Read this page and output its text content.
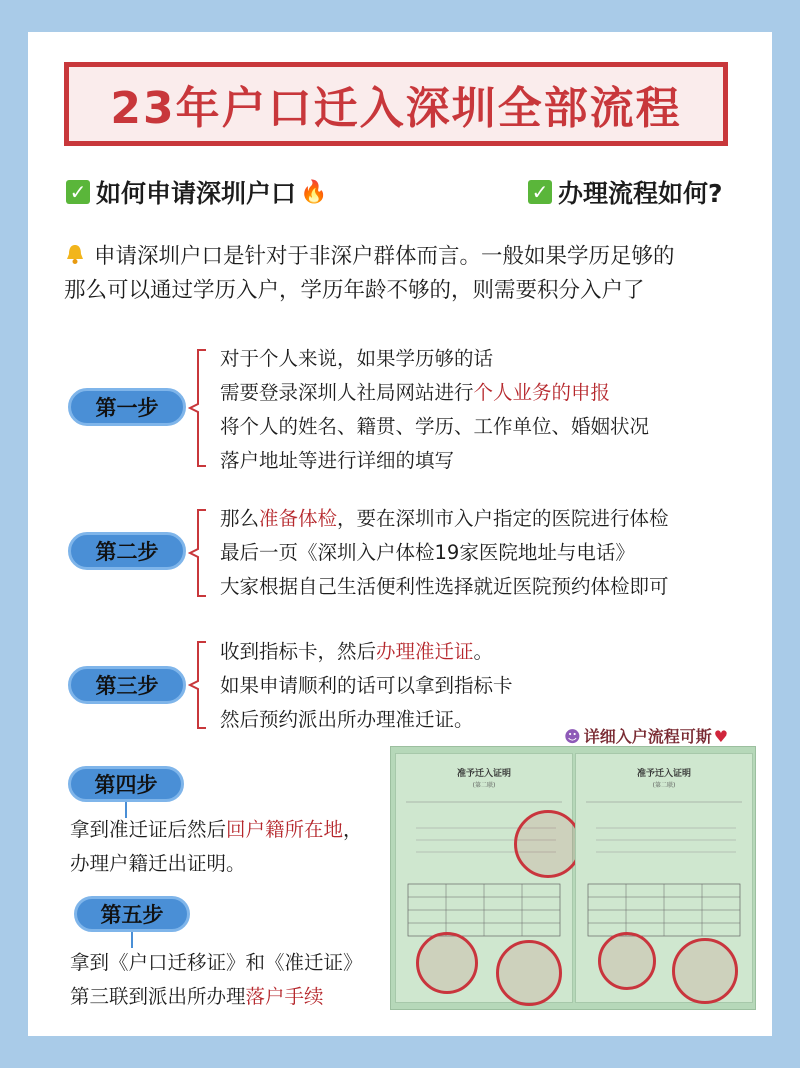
23年户口迁入深圳全部流程
✓ 如何申请深圳户口 🔥	✓ 办理流程如何?
申请深圳户口是针对于非深户群体而言。一般如果学历足够的
那么可以通过学历入户，学历年龄不够的，则需要积分入户了
第一步
对于个人来说，如果学历够的话
需要登录深圳人社局网站进行个人业务的申报
将个人的姓名、籍贯、学历、工作单位、婚姻状况
落户地址等进行详细的填写
第二步
那么准备体检，要在深圳市入户指定的医院进行体检
最后一页《深圳入户体检19家医院地址与电话》
大家根据自己生活便利性选择就近医院预约体检即可
第三步
收到指标卡，然后办理准迁证。
如果申请顺利的话可以拿到指标卡
然后预约派出所办理准迁证。
第四步
拿到准迁证后然后回户籍所在地，
办理户籍迁出证明。
第五步
拿到《户口迁移证》和《准迁证》
第三联到派出所办理落户手续
☻ 详细入户流程可斯 ♥
准予迁入证明
(第二联)
准予迁入证明
(第二联)
